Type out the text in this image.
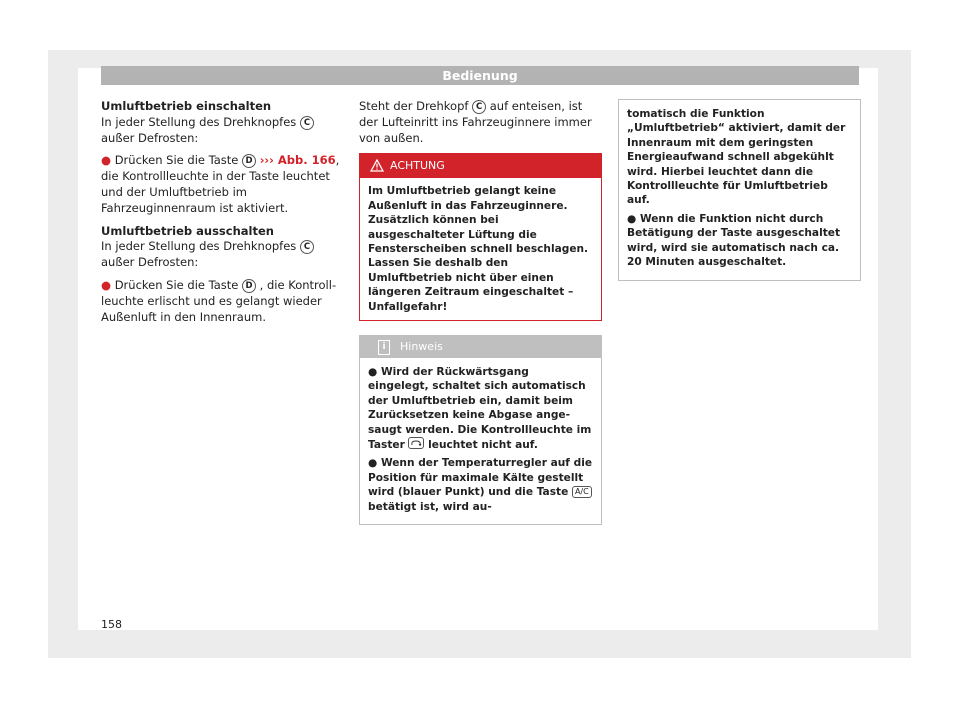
Bedienung

Umluftbetrieb einschalten

In jeder Stellung des Drehknopfes C außer Defrosten:

● Drücken Sie die Taste D ››› Abb. 166, die Kontrollleuchte in der Taste leuchtet und der Umluftbetrieb im Fahrzeuginnenraum ist aktiviert.

Umluftbetrieb ausschalten

In jeder Stellung des Drehknopfes C außer Defrosten:

● Drücken Sie die Taste D , die Kontrollleuchte erlischt und es gelangt wieder Außenluft in den Innenraum.

Steht der Drehkopf C auf enteisen, ist der Lufteinritt ins Fahrzeuginnere immer von außen.

ACHTUNG
Im Umluftbetrieb gelangt keine Außenluft in das Fahrzeuginnere. Zusätzlich können bei ausgeschalteter Lüftung die Fensterscheiben schnell beschlagen. Lassen Sie deshalb den Umluftbetrieb nicht über einen längeren Zeitraum eingeschaltet – Unfallgefahr!
i	Hinweis

● Wird der Rückwärtsgang eingelegt, schaltet sich automatisch der Umluftbetrieb ein, damit beim Zurücksetzen keine Abgase angesaugt werden. Die Kontrollleuchte im Taster
leuchtet nicht auf.

● Wenn der Temperaturregler auf die Position für maximale Kälte gestellt wird (blauer Punkt) und die Taste A/C betätigt ist, wird au-

tomatisch die Funktion „Umluftbetrieb“ aktiviert, damit der Innenraum mit dem geringsten Energieaufwand schnell abgekühlt wird. Hierbei leuchtet dann die Kontrollleuchte für Umluftbetrieb auf.

● Wenn die Funktion nicht durch Betätigung der Taste ausgeschaltet wird, wird sie automatisch nach ca. 20 Minuten ausgeschaltet.

158
